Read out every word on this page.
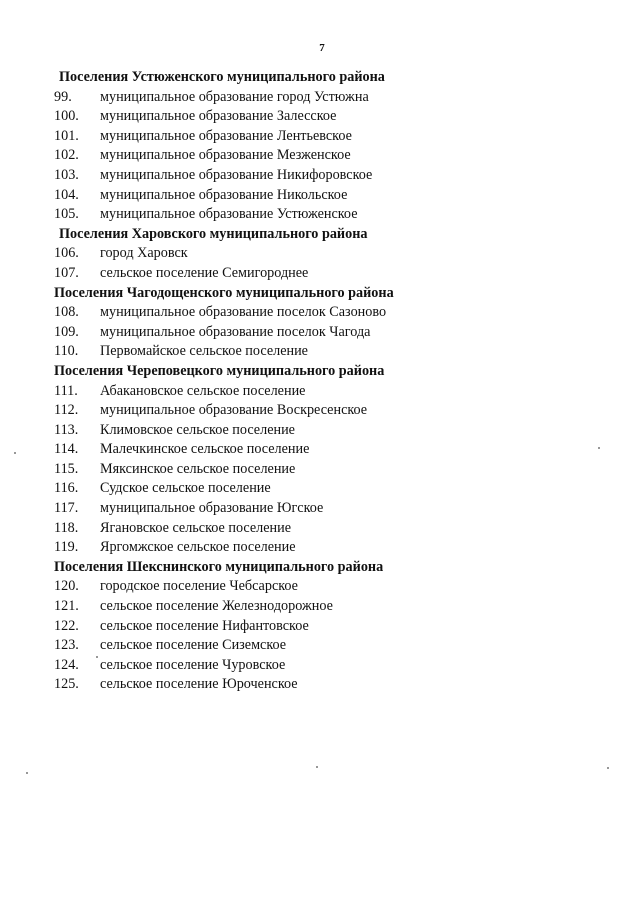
7
Поселения Устюженского муниципального района
99. муниципальное образование город Устюжна
100. муниципальное образование Залесское
101. муниципальное образование Лентьевское
102. муниципальное образование Мезженское
103. муниципальное образование Никифоровское
104. муниципальное образование Никольское
105. муниципальное образование Устюженское
Поселения Харовского муниципального района
106. город Харовск
107. сельское поселение Семигороднее
Поселения Чагодощенского муниципального района
108. муниципальное образование поселок Сазоново
109. муниципальное образование поселок Чагода
110. Первомайское сельское поселение
Поселения Череповецкого муниципального района
111. Абакановское сельское поселение
112. муниципальное образование Воскресенское
113. Климовское сельское поселение
114. Малечкинское сельское поселение
115. Мяксинское сельское поселение
116. Судское сельское поселение
117. муниципальное образование Югское
118. Ягановское сельское поселение
119. Яргомжское сельское поселение
Поселения Шекснинского муниципального района
120. городское поселение Чебсарское
121. сельское поселение Железнодорожное
122. сельское поселение Нифантовское
123. сельское поселение Сиземское
124. сельское поселение Чуровское
125. сельское поселение Юроченское
